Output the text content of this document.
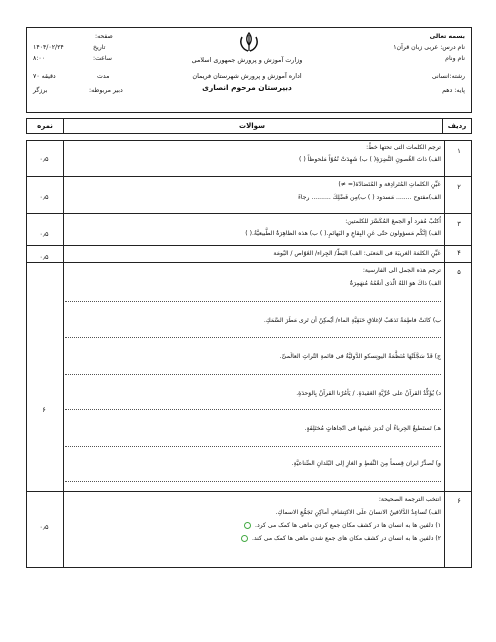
بسمه تعالی
نام درس: عربی زبان قرآن۱
نام ونام
رشته:انسانی
پایه: دهم
وزارت آموزش و پرورش جمهوری اسلامی
اداره آموزش و پرورش شهرستان فریمان
دبیرستان مرحوم انصاری
صفحه:
تاریخ
۱۴۰۴/۰۲/۲۴
ساعت:
۸:۰۰
مدت
۷۰ دقیقه
دبیر مربوطه:
برزگر
ردیف
سوالات
نمره
۱
۰٫۵
ترجم الکلمات التی تحتها خطٌ:
الف) ذاتَ الغُصونِ النَّضِرَةِ( ) ب) شَهِدَتْ نُمُوّاً مَلحوظاً ( )
۲
۰٫۵
عَیِّنِ الکلماتِ المُتَرادِفة و المُتَضادّة(= ≠)
الف)مفتوح ........ مَسدود ( ) ب)مِن فَضْلِكَ .......... رجاءً
۳
۰٫۵
اُکتُبْ مُفرد أو الجمعَ المُکَسَّرَ للکلمتین:
الف) إنَّکُم مَسؤولون حتّی عَنِ البِقاعِ و البَهائمِ.( ) ب) هذه الظاهِرَةُ الطَّبیعیَّةُ.( )
۴
۰٫۵	عَیِّنِ الکلمَةَ الغریبَةَ فی المَعنَی: الف) البَطّ/ الجِراء/ الغَوّاص / البُومَة
۵
۶
ترجم هذه الجمل الی الفارسیة:
الف) ذاكَ هوَ اللهُ الّذی أنعُمُهُ مُنهَمِرَةٌ
ب) کانَتْ فاطِمَةُ تَذهَبُ لإغلاقِ حَنَفِیَّةِ الماء/ أیُمکِنُ أن تَری مَطَرَ السَّمَكِ.
ج) قَدْ سَجَّلَتْهَا مُنَظَّمَةُ الیونِسکو الدَّولیَّةُ فی قائمةِ التُراثِ العالَمیِّ.
د) یُؤَکِّدُ القرآنُ علی حُرِّیَّةِ العَقیدَةِ. / یَأمُرُنا القرآنُ بِالوَحدَةِ.
هـ) تَستَطیعُ الحِرباءُ أن تُدیرَ عَینَیها فی اتّجاهاتٍ مُختَلِفَةٍ.
و) تُصدِّرُ ایران قِسماً مِنَ النِّفطِ و الغازِ إلی البُلدانِ الصِّناعیَّةِ.
۶
۰٫۵
انتخب الترجمة الصحیحة:
الف) تُساعِدُ الدَّلافینُ الانسانَ علَی الاکتِشافِ أماکِنِ تَجَمُّعِ الاسماكِ.
۱) دلفین ها به انسان ها در کشف مکان جمع کردن ماهی ها کمک می کرد.
۲) دلفین ها به انسان در کشف مکان های جمع شدن ماهی ها کمک می کند.
